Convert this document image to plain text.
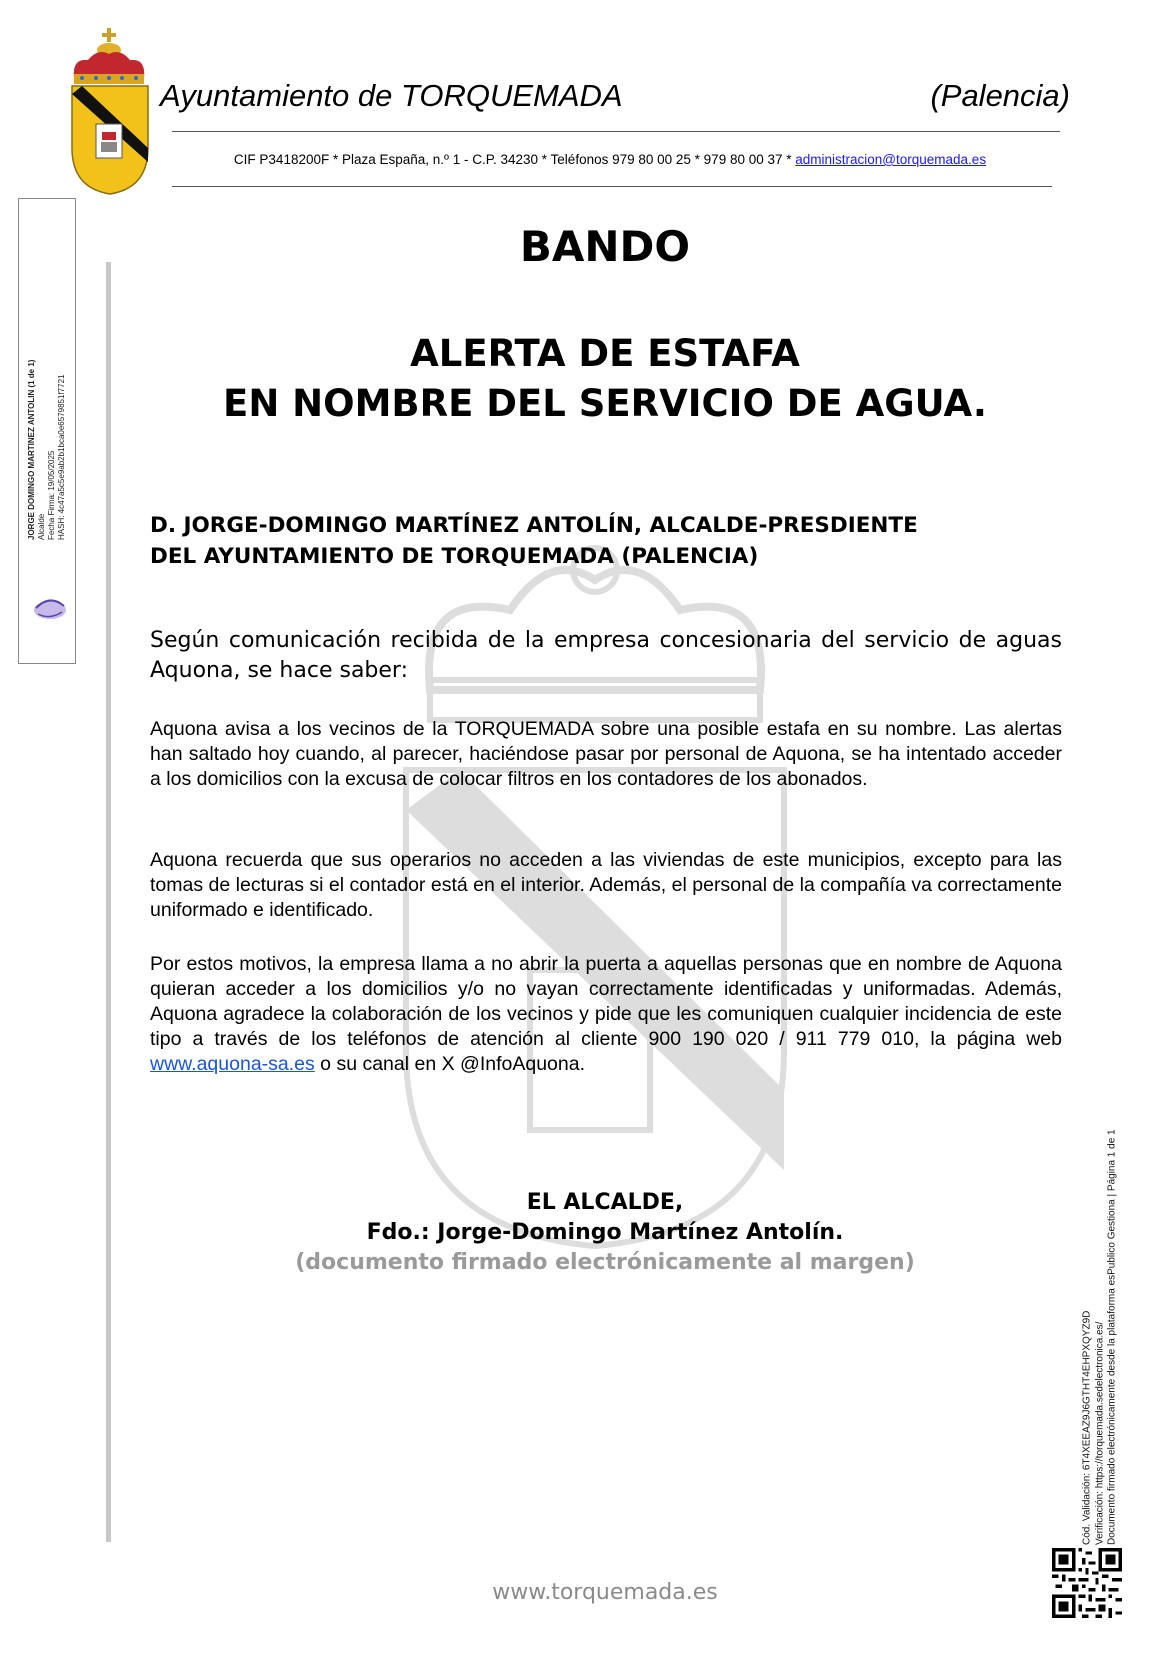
Ayuntamiento de TORQUEMADA	(Palencia)
CIF P3418200F * Plaza España, n.º 1 - C.P. 34230 * Teléfonos 979 80 00 25 * 979 80 00 37 * administracion@torquemada.es
JORGE DOMINGO MARTINEZ ANTOLIN (1 de 1) Alcalde Fecha Firma: 19/05/2025 HASH: 4c47a5c5e9ab2b1bca0e6579851f7721
BANDO
ALERTA DE ESTAFA
EN NOMBRE DEL SERVICIO DE AGUA.
D. JORGE-DOMINGO MARTÍNEZ ANTOLÍN, ALCALDE-PRESDIENTE
DEL AYUNTAMIENTO DE TORQUEMADA (PALENCIA)
Según comunicación recibida de la empresa concesionaria del servicio de aguas Aquona, se hace saber:
Aquona avisa a los vecinos de la TORQUEMADA sobre una posible estafa en su nombre. Las alertas han saltado hoy cuando, al parecer, haciéndose pasar por personal de Aquona, se ha intentado acceder a los domicilios con la excusa de colocar filtros en los contadores de los abonados.
Aquona recuerda que sus operarios no acceden a las viviendas de este municipios, excepto para las tomas de lecturas si el contador está en el interior. Además, el personal de la compañía va correctamente uniformado e identificado.
Por estos motivos, la empresa llama a no abrir la puerta a aquellas personas que en nombre de Aquona quieran acceder a los domicilios y/o no vayan correctamente identificadas y uniformadas. Además, Aquona agradece la colaboración de los vecinos y pide que les comuniquen cualquier incidencia de este tipo a través de los teléfonos de atención al cliente 900 190 020 / 911 779 010, la página web www.aquona-sa.es o su canal en X @InfoAquona.
EL ALCALDE,
Fdo.: Jorge-Domingo Martínez Antolín.
(documento firmado electrónicamente al margen)
Cód. Validación: 6T4XEEAZ9J6GTHT4EHPXQYZ9D Verificación: https://torquemada.sedelectronica.es/ Documento firmado electrónicamente desde la plataforma esPublico Gestiona | Página 1 de 1
www.torquemada.es
